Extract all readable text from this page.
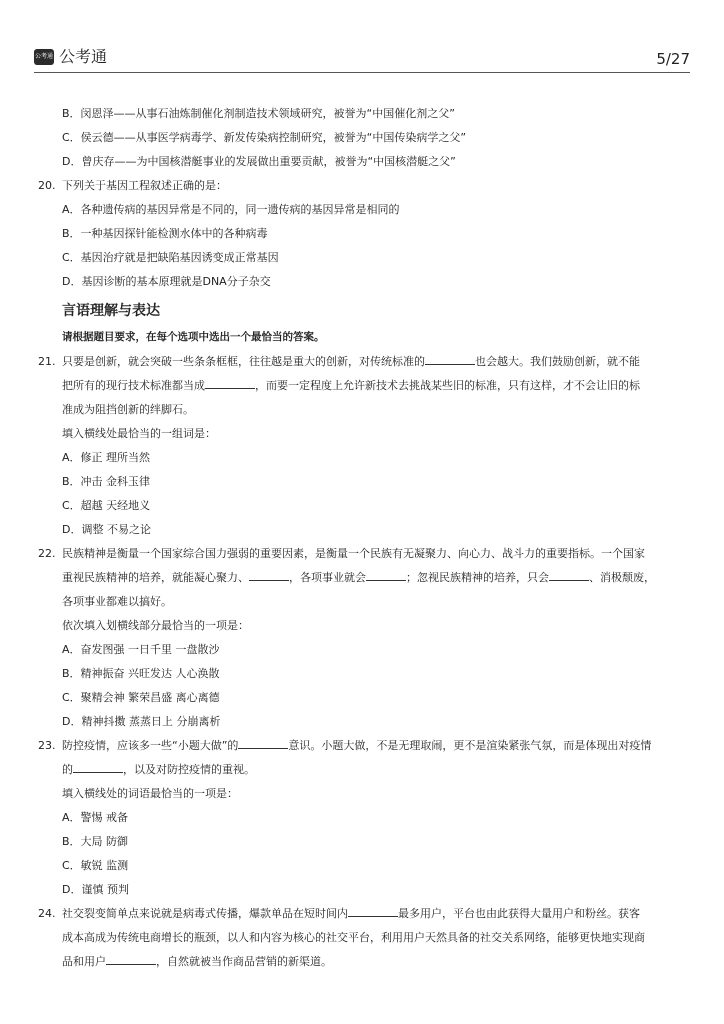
公考通 公考通	5/27
B．闵恩泽——从事石油炼制催化剂制造技术领域研究，被誉为“中国催化剂之父”
C．侯云德——从事医学病毒学、新发传染病控制研究，被誉为“中国传染病学之父”
D．曾庆存——为中国核潜艇事业的发展做出重要贡献，被誉为“中国核潜艇之父”
20. 下列关于基因工程叙述正确的是：
A．各种遗传病的基因异常是不同的，同一遗传病的基因异常是相同的
B．一种基因探针能检测水体中的各种病毒
C．基因治疗就是把缺陷基因诱变成正常基因
D．基因诊断的基本原理就是DNA分子杂交
言语理解与表达
请根据题目要求，在每个选项中选出一个最恰当的答案。
21. 只要是创新，就会突破一些条条框框，往往越是重大的创新，对传统标准的	也会越大。我们鼓励创新，就不能
把所有的现行技术标准都当成	，而要一定程度上允许新技术去挑战某些旧的标准，只有这样，才不会让旧的标
准成为阻挡创新的绊脚石。
填入横线处最恰当的一组词是：
A．修正 理所当然
B．冲击 金科玉律
C．超越 天经地义
D．调整 不易之论
22. 民族精神是衡量一个国家综合国力强弱的重要因素，是衡量一个民族有无凝聚力、向心力、战斗力的重要指标。一个国家
重视民族精神的培养，就能凝心聚力、	，各项事业就会	；忽视民族精神的培养，只会	、消极颓废，
各项事业都难以搞好。
依次填入划横线部分最恰当的一项是：
A．奋发图强 一日千里 一盘散沙
B．精神振奋 兴旺发达 人心涣散
C．聚精会神 繁荣昌盛 离心离德
D．精神抖擞 蒸蒸日上 分崩离析
23. 防控疫情，应该多一些“小题大做”的	意识。小题大做，不是无理取闹，更不是渲染紧张气氛，而是体现出对疫情
的	，以及对防控疫情的重视。
填入横线处的词语最恰当的一项是：
A．警惕 戒备
B．大局 防御
C．敏锐 监测
D．谨慎 预判
24. 社交裂变简单点来说就是病毒式传播，爆款单品在短时间内	最多用户，平台也由此获得大量用户和粉丝。获客
成本高成为传统电商增长的瓶颈，以人和内容为核心的社交平台，利用用户天然具备的社交关系网络，能够更快地实现商
品和用户	，自然就被当作商品营销的新渠道。
